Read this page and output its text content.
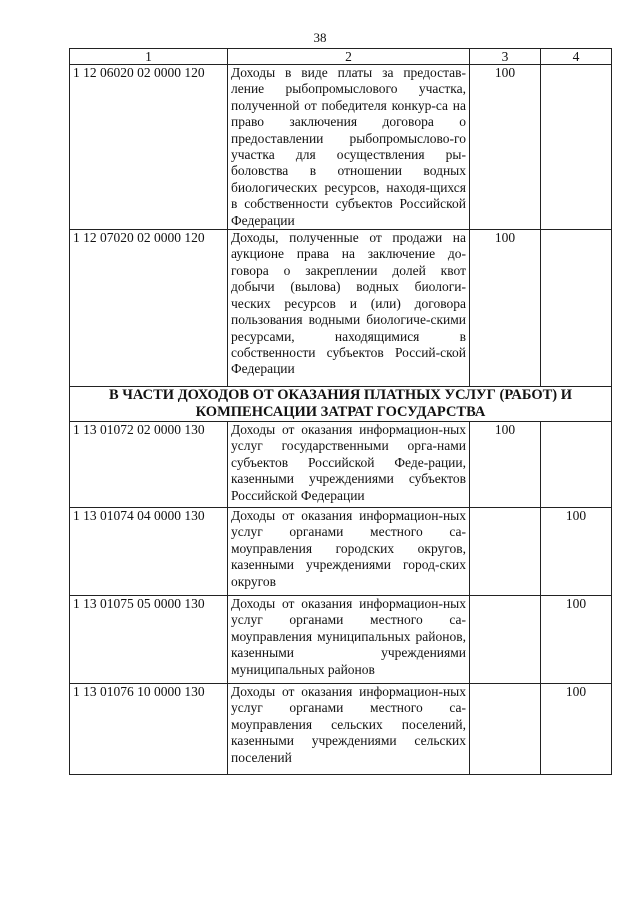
38
1	2	3	4
1 12 06020 02 0000 120	Доходы в виде платы за предостав-ление рыбопромыслового участка, полученной от победителя конкур-са на право заключения договора о предоставлении рыбопромыслово-го участка для осуществления ры-боловства в отношении водных биологических ресурсов, находя-щихся в собственности субъектов Российской Федерации	100	
1 12 07020 02 0000 120	Доходы, полученные от продажи на аукционе права на заключение до-говора о закреплении долей квот добычи (вылова) водных биологи-ческих ресурсов и (или) договора пользования водными биологиче-скими ресурсами, находящимися в собственности субъектов Россий-ской Федерации	100	
В ЧАСТИ ДОХОДОВ ОТ ОКАЗАНИЯ ПЛАТНЫХ УСЛУГ (РАБОТ) И КОМПЕНСАЦИИ ЗАТРАТ ГОСУДАРСТВА			
1 13 01072 02 0000 130	Доходы от оказания информацион-ных услуг государственными орга-нами субъектов Российской Феде-рации, казенными учреждениями субъектов Российской Федерации	100	
1 13 01074 04 0000 130	Доходы от оказания информацион-ных услуг органами местного са-моуправления городских округов, казенными учреждениями город-ских округов		100
1 13 01075 05 0000 130	Доходы от оказания информацион-ных услуг органами местного са-моуправления муниципальных районов, казенными учреждениями муниципальных районов		100
1 13 01076 10 0000 130	Доходы от оказания информацион-ных услуг органами местного са-моуправления сельских поселений, казенными учреждениями сельских поселений		100
